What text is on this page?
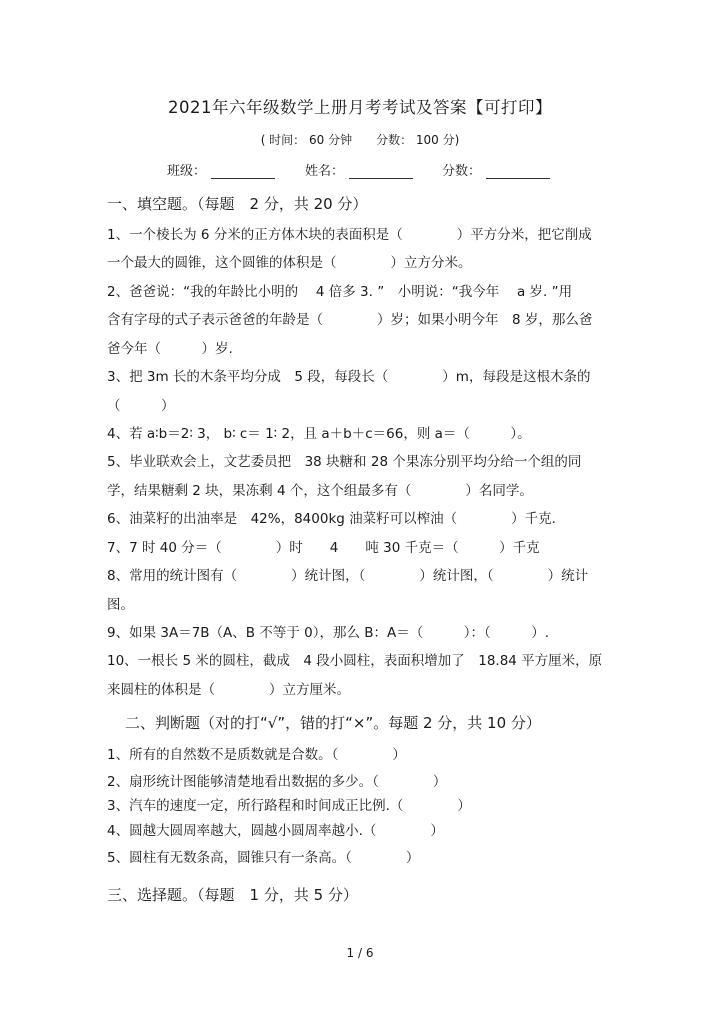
2021年六年级数学上册月考考试及答案【可打印】
( 时间： 60 分钟　　分数： 100 分)
班级：	姓名：	分数：
一、填空题。（每题　2 分，共 20 分）
1、一个棱长为 6 分米的正方体木块的表面积是（　　　　）平方分米，把它削成
一个最大的圆锥，这个圆锥的体积是（　　　　）立方分米。
2、爸爸说：“我的年龄比小明的　 4 倍多 3. ”　小明说：“我今年　 a 岁. ”用
含有字母的式子表示爸爸的年龄是（　　　　）岁；如果小明今年　8 岁，那么爸
爸今年（　　　）岁.
3、把 3m 长的木条平均分成　5 段，每段长（　　　　）m，每段是这根木条的
（　　　）
4、若 a∶b＝2∶ 3， b∶ c＝ 1∶ 2，且 a＋b＋c＝66，则 a＝（　　　）。
5、毕业联欢会上，文艺委员把　38 块糖和 28 个果冻分别平均分给一个组的同
学，结果糖剩 2 块，果冻剩 4 个，这个组最多有（　　　　）名同学。
6、油菜籽的出油率是　42%，8400kg 油菜籽可以榨油（　　　　）千克.
7、7 时 40 分＝（　　　　）时　　4　　吨 30 千克＝（　　　）千克
8、常用的统计图有（　　　　）统计图，（　　　　）统计图，（　　　　）统计
图。
9、如果 3A＝7B（A、B 不等于 0），那么 B：A＝（　　　）：（　　　）.
10、一根长 5 米的圆柱，截成　4 段小圆柱，表面积增加了　18.84 平方厘米，原
来圆柱的体积是（　　　　）立方厘米。
二、判断题（对的打“√”，错的打“×”。每题 2 分，共 10 分）
1、所有的自然数不是质数就是合数。（　　　　）
2、扇形统计图能够清楚地看出数据的多少。（　　　　）
3、汽车的速度一定，所行路程和时间成正比例.（　　　　）
4、圆越大圆周率越大，圆越小圆周率越小.（　　　　）
5、圆柱有无数条高，圆锥只有一条高。（　　　　）
三、选择题。（每题　1 分，共 5 分）
1 / 6
